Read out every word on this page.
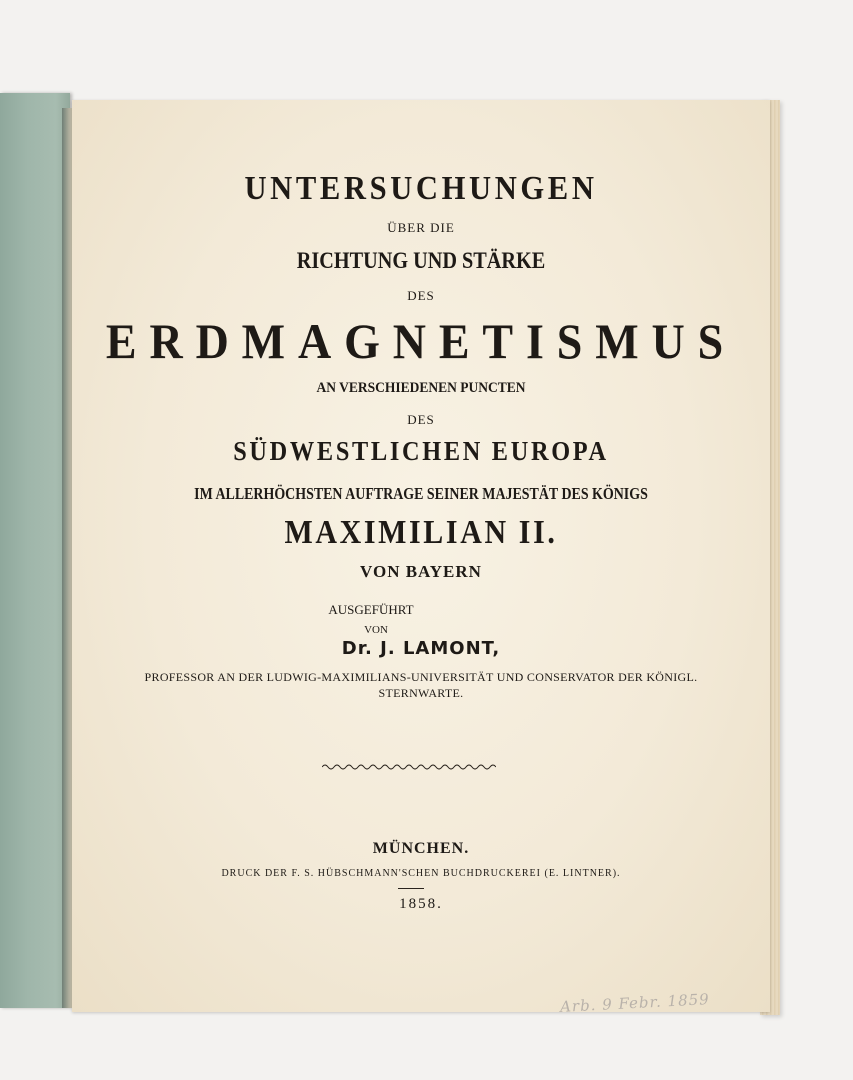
UNTERSUCHUNGEN
ÜBER DIE
RICHTUNG UND STÄRKE
DES
ERDMAGNETISMUS
AN VERSCHIEDENEN PUNCTEN
DES
SÜDWESTLICHEN EUROPA
IM ALLERHÖCHSTEN AUFTRAGE SEINER MAJESTÄT DES KÖNIGS
MAXIMILIAN II.
VON BAYERN
AUSGEFÜHRT
VON
Dr. J. LAMONT,
PROFESSOR AN DER LUDWIG-MAXIMILIANS-UNIVERSITÄT UND CONSERVATOR DER KÖNIGL.
STERNWARTE.
MÜNCHEN.
DRUCK DER F. S. HÜBSCHMANN'SCHEN BUCHDRUCKEREI (E. LINTNER).
1858.
Arb. 9 Febr. 1859
